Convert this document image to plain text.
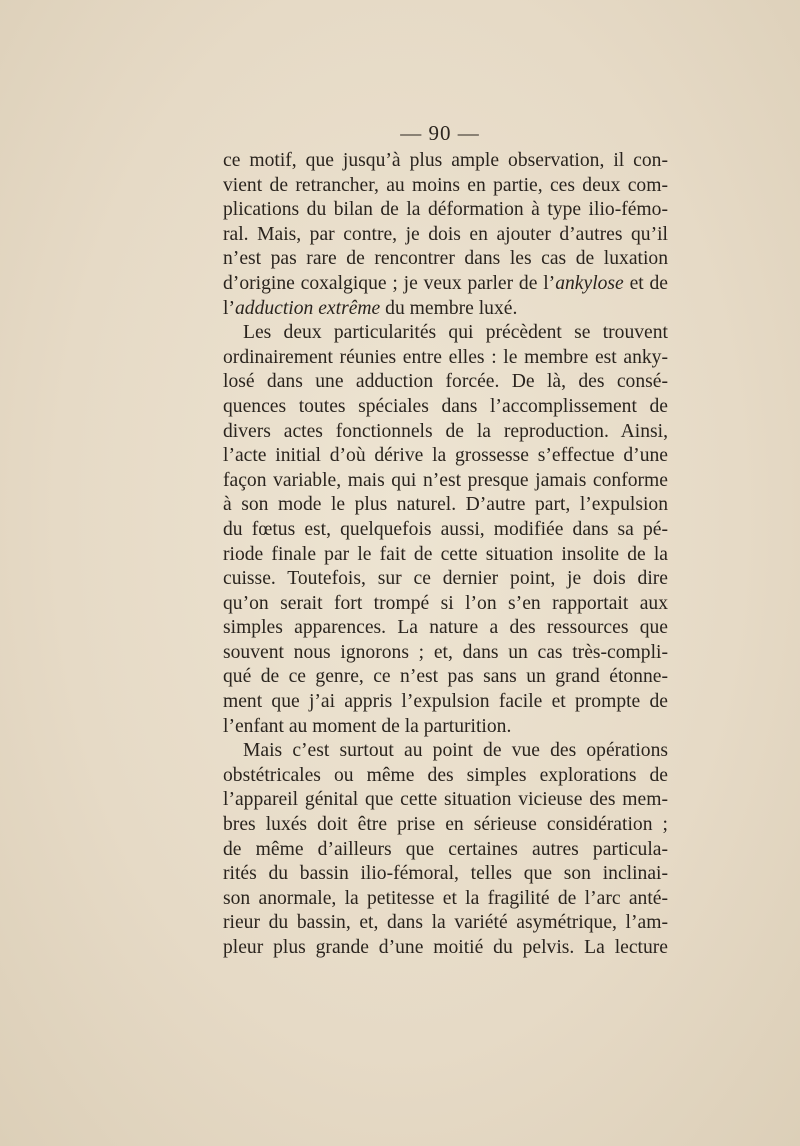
— 90 —
ce motif, que jusqu’à plus ample observation, il con-
vient de retrancher, au moins en partie, ces deux com-
plications du bilan de la déformation à type ilio-fémo-
ral. Mais, par contre, je dois en ajouter d’autres qu’il
n’est pas rare de rencontrer dans les cas de luxation
d’origine coxalgique ; je veux parler de l’ankylose et de
l’adduction extrême du membre luxé.
Les deux particularités qui précèdent se trouvent
ordinairement réunies entre elles : le membre est anky-
losé dans une adduction forcée. De là, des consé-
quences toutes spéciales dans l’accomplissement de
divers actes fonctionnels de la reproduction. Ainsi,
l’acte initial d’où dérive la grossesse s’effectue d’une
façon variable, mais qui n’est presque jamais conforme
à son mode le plus naturel. D’autre part, l’expulsion
du fœtus est, quelquefois aussi, modifiée dans sa pé-
riode finale par le fait de cette situation insolite de la
cuisse. Toutefois, sur ce dernier point, je dois dire
qu’on serait fort trompé si l’on s’en rapportait aux
simples apparences. La nature a des ressources que
souvent nous ignorons ; et, dans un cas très-compli-
qué de ce genre, ce n’est pas sans un grand étonne-
ment que j’ai appris l’expulsion facile et prompte de
l’enfant au moment de la parturition.
Mais c’est surtout au point de vue des opérations
obstétricales ou même des simples explorations de
l’appareil génital que cette situation vicieuse des mem-
bres luxés doit être prise en sérieuse considération ;
de même d’ailleurs que certaines autres particula-
rités du bassin ilio-fémoral, telles que son inclinai-
son anormale, la petitesse et la fragilité de l’arc anté-
rieur du bassin, et, dans la variété asymétrique, l’am-
pleur plus grande d’une moitié du pelvis. La lecture
